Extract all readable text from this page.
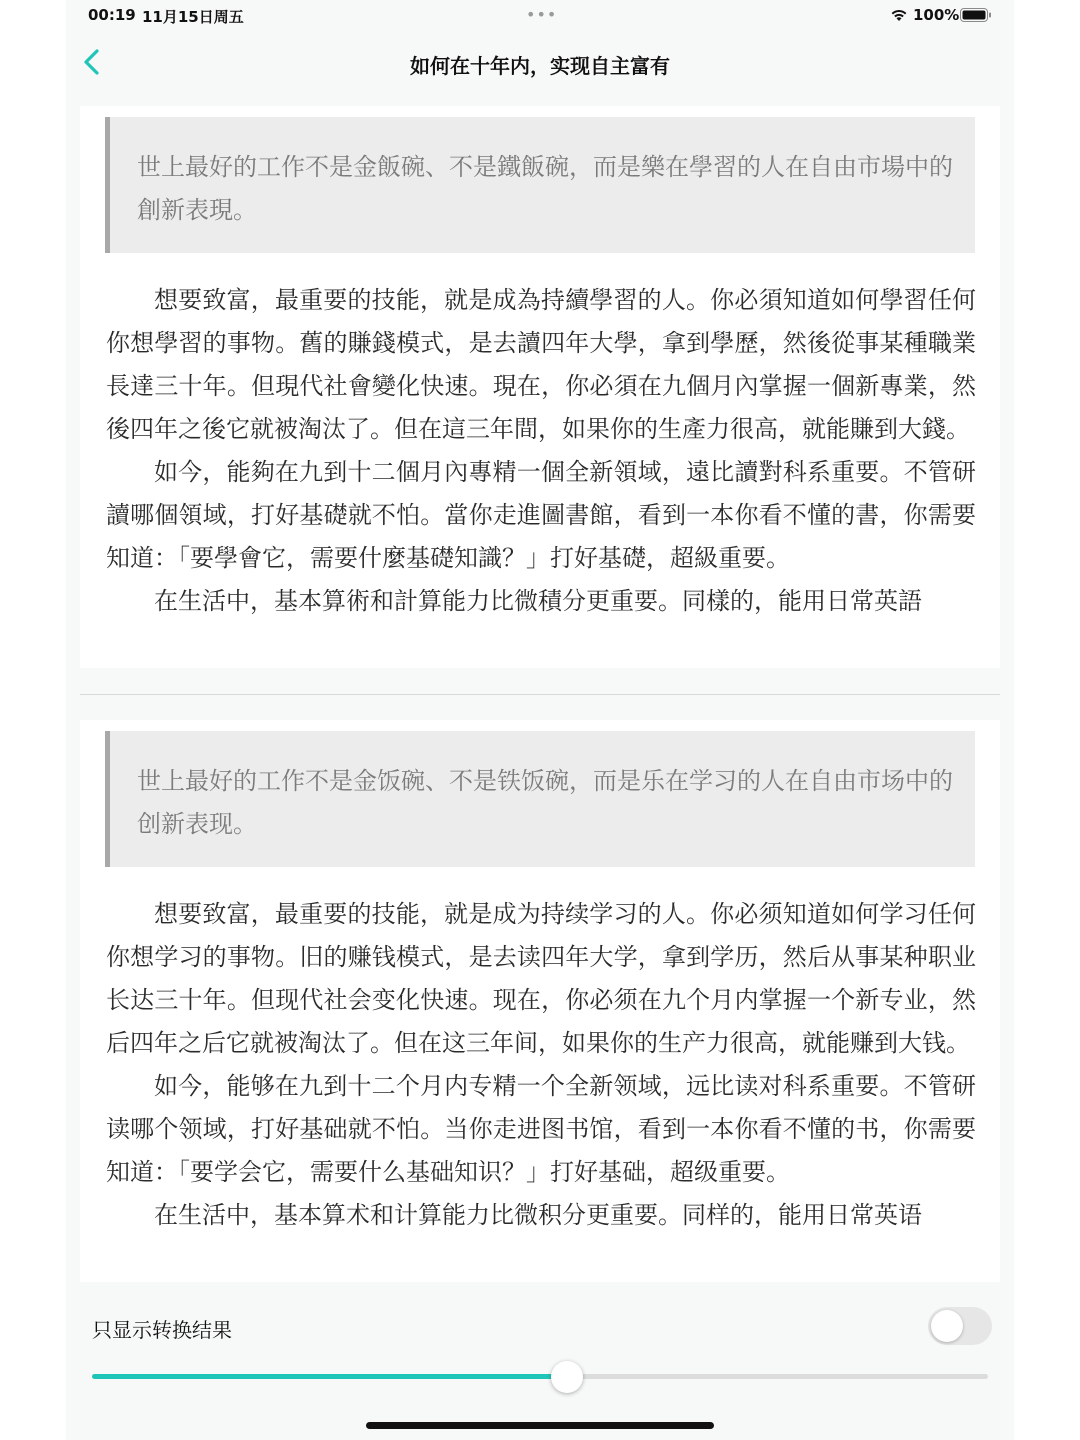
00:19 11月15日周五	•••	100%
如何在十年内，实现自主富有
世上最好的工作不是金飯碗、不是鐵飯碗，而是樂在學習的人在自由市場中的創新表現。

想要致富，最重要的技能，就是成為持續學習的人。你必須知道如何學習任何你想學習的事物。舊的賺錢模式，是去讀四年大學，拿到學歷，然後從事某種職業長達三十年。但現代社會變化快速。現在，你必須在九個月內掌握一個新專業，然後四年之後它就被淘汰了。但在這三年間，如果你的生產力很高，就能賺到大錢。

如今，能夠在九到十二個月內專精一個全新領域，遠比讀對科系重要。不管研讀哪個領域，打好基礎就不怕。當你走進圖書館，看到一本你看不懂的書，你需要知道：「要學會它，需要什麼基礎知識？」打好基礎，超級重要。

在生活中，基本算術和計算能力比微積分更重要。同樣的，能用日常英語

世上最好的工作不是金饭碗、不是铁饭碗，而是乐在学习的人在自由市场中的创新表现。

想要致富，最重要的技能，就是成为持续学习的人。你必须知道如何学习任何你想学习的事物。旧的赚钱模式，是去读四年大学，拿到学历，然后从事某种职业长达三十年。但现代社会变化快速。现在，你必须在九个月内掌握一个新专业，然后四年之后它就被淘汰了。但在这三年间，如果你的生产力很高，就能赚到大钱。

如今，能够在九到十二个月内专精一个全新领域，远比读对科系重要。不管研读哪个领域，打好基础就不怕。当你走进图书馆，看到一本你看不懂的书，你需要知道：「要学会它，需要什么基础知识？」打好基础，超级重要。

在生活中，基本算术和计算能力比微积分更重要。同样的，能用日常英语

只显示转换结果
